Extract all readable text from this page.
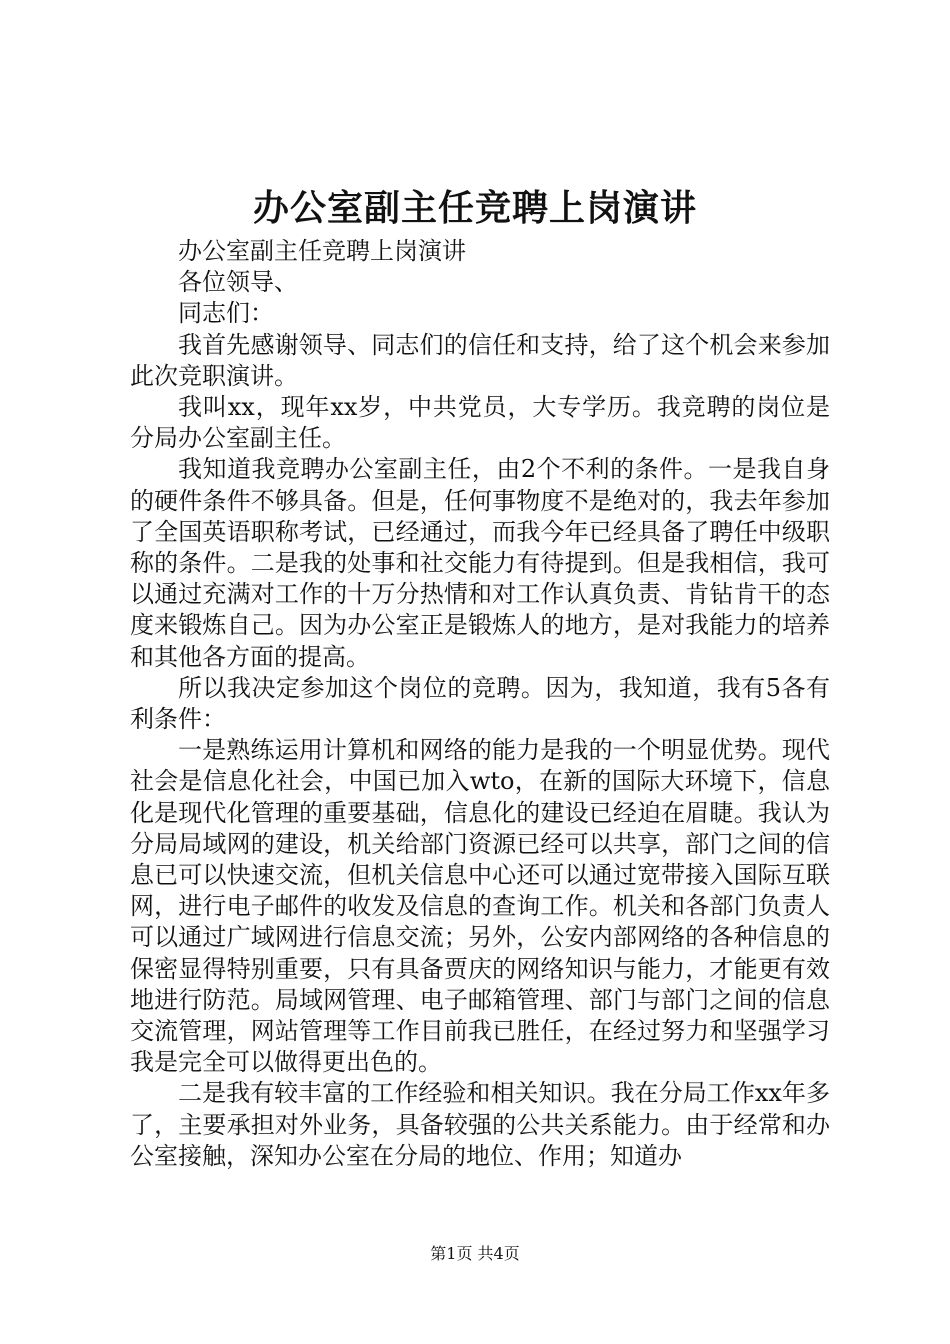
办公室副主任竞聘上岗演讲

办公室副主任竞聘上岗演讲

各位领导、

同志们：

我首先感谢领导、同志们的信任和支持，给了这个机会来参加此次竞职演讲。

我叫xx，现年xx岁，中共党员，大专学历。我竞聘的岗位是分局办公室副主任。

我知道我竞聘办公室副主任，由2个不利的条件。一是我自身的硬件条件不够具备。但是，任何事物度不是绝对的，我去年参加了全国英语职称考试，已经通过，而我今年已经具备了聘任中级职称的条件。二是我的处事和社交能力有待提到。但是我相信，我可以通过充满对工作的十万分热情和对工作认真负责、肯钻肯干的态度来锻炼自己。因为办公室正是锻炼人的地方，是对我能力的培养和其他各方面的提高。

所以我决定参加这个岗位的竞聘。因为，我知道，我有5各有利条件：

一是熟练运用计算机和网络的能力是我的一个明显优势。现代社会是信息化社会，中国已加入wto，在新的国际大环境下，信息化是现代化管理的重要基础，信息化的建设已经迫在眉睫。我认为分局局域网的建设，机关给部门资源已经可以共享，部门之间的信息已可以快速交流，但机关信息中心还可以通过宽带接入国际互联网，进行电子邮件的收发及信息的查询工作。机关和各部门负责人可以通过广域网进行信息交流；另外，公安内部网络的各种信息的保密显得特别重要，只有具备贾庆的网络知识与能力，才能更有效地进行防范。局域网管理、电子邮箱管理、部门与部门之间的信息交流管理，网站管理等工作目前我已胜任，在经过努力和坚强学习我是完全可以做得更出色的。

二是我有较丰富的工作经验和相关知识。我在分局工作xx年多了，主要承担对外业务，具备较强的公共关系能力。由于经常和办公室接触，深知办公室在分局的地位、作用；知道办

第1页 共4页
